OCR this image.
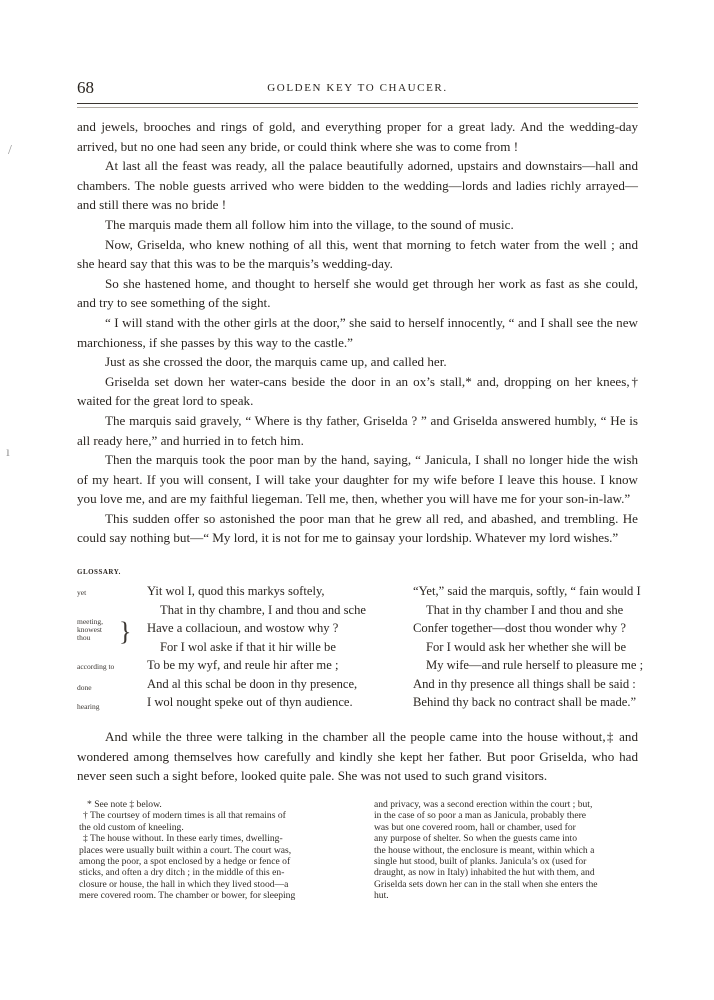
/
ı
68	GOLDEN KEY TO CHAUCER.

and jewels, brooches and rings of gold, and everything proper for a great lady. And the wedding-day arrived, but no one had seen any bride, or could think where she was to come from !

At last all the feast was ready, all the palace beautifully adorned, upstairs and downstairs—hall and chambers. The noble guests arrived who were bidden to the wedding—lords and ladies richly arrayed—and still there was no bride !

The marquis made them all follow him into the village, to the sound of music.

Now, Griselda, who knew nothing of all this, went that morning to fetch water from the well ; and she heard say that this was to be the marquis’s wedding-day.

So she hastened home, and thought to herself she would get through her work as fast as she could, and try to see something of the sight.

“ I will stand with the other girls at the door,” she said to herself innocently, “ and I shall see the new marchioness, if she passes by this way to the castle.”

Just as she crossed the door, the marquis came up, and called her.

Griselda set down her water-cans beside the door in an ox’s stall,* and, dropping on her knees,† waited for the great lord to speak.

The marquis said gravely, “ Where is thy father, Griselda ? ” and Griselda answered humbly, “ He is all ready here,” and hurried in to fetch him.

Then the marquis took the poor man by the hand, saying, “ Janicula, I shall no longer hide the wish of my heart. If you will consent, I will take your daughter for my wife before I leave this house. I know you love me, and are my faithful liegeman. Tell me, then, whether you will have me for your son-in-law.”

This sudden offer so astonished the poor man that he grew all red, and abashed, and trembling. He could say nothing but—“ My lord, it is not for me to gainsay your lordship. Whatever my lord wishes.”

GLOSSARY.
yet
meeting,
knowest
thou }
according to
done
hearing
Yit wol I, quod this markys softely,
That in thy chambre, I and thou and sche
Have a collacioun, and wostow why ?
For I wol aske if that it hir wille be
To be my wyf, and reule hir after me ;
And al this schal be doon in thy presence,
I wol nought speke out of thyn audience.
“Yet,” said the marquis, softly, “ fain would I
That in thy chamber I and thou and she
Confer together—dost thou wonder why ?
For I would ask her whether she will be
My wife—and rule herself to pleasure me ;
And in thy presence all things shall be said :
Behind thy back no contract shall be made.”

And while the three were talking in the chamber all the people came into the house without,‡ and wondered among themselves how carefully and kindly she kept her father. But poor Griselda, who had never seen such a sight before, looked quite pale. She was not used to such grand visitors.

* See note ‡ below.
† The courtsey of modern times is all that remains of
the old custom of kneeling.
‡ The house without. In these early times, dwelling-
places were usually built within a court. The court was,
among the poor, a spot enclosed by a hedge or fence of
sticks, and often a dry ditch ; in the middle of this en-
closure or house, the hall in which they lived stood—a
mere covered room. The chamber or bower, for sleeping
and privacy, was a second erection within the court ; but,
in the case of so poor a man as Janicula, probably there
was but one covered room, hall or chamber, used for
any purpose of shelter. So when the guests came into
the house without, the enclosure is meant, within which a
single hut stood, built of planks. Janicula’s ox (used for
draught, as now in Italy) inhabited the hut with them, and
Griselda sets down her can in the stall when she enters the
hut.
